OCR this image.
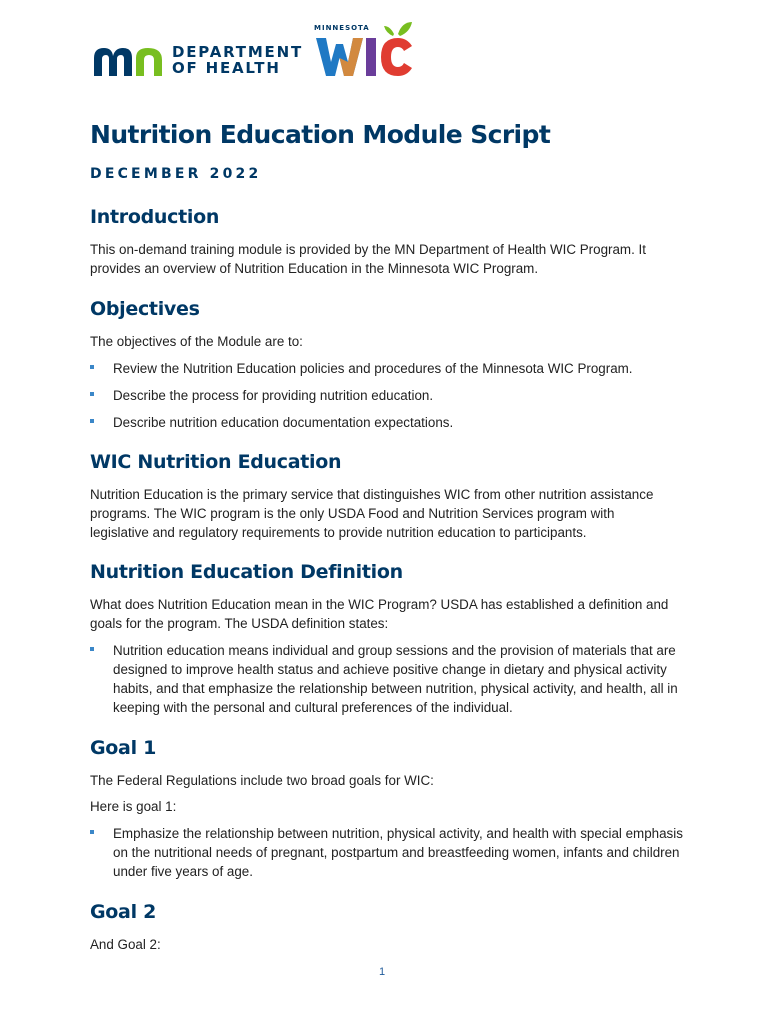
DEPARTMENT
OF HEALTH
MINNESOTA
Nutrition Education Module Script
DECEMBER 2022
Introduction

This on-demand training module is provided by the MN Department of Health WIC Program. It provides an overview of Nutrition Education in the Minnesota WIC Program.

Objectives

The objectives of the Module are to:

Review the Nutrition Education policies and procedures of the Minnesota WIC Program.
Describe the process for providing nutrition education.
Describe nutrition education documentation expectations.
WIC Nutrition Education

Nutrition Education is the primary service that distinguishes WIC from other nutrition assistance programs. The WIC program is the only USDA Food and Nutrition Services program with legislative and regulatory requirements to provide nutrition education to participants.

Nutrition Education Definition

What does Nutrition Education mean in the WIC Program? USDA has established a definition and goals for the program. The USDA definition states:

Nutrition education means individual and group sessions and the provision of materials that are designed to improve health status and achieve positive change in dietary and physical activity habits, and that emphasize the relationship between nutrition, physical activity, and health, all in keeping with the personal and cultural preferences of the individual.
Goal 1

The Federal Regulations include two broad goals for WIC:

Here is goal 1:

Emphasize the relationship between nutrition, physical activity, and health with special emphasis on the nutritional needs of pregnant, postpartum and breastfeeding women, infants and children under five years of age.
Goal 2

And Goal 2:

1
